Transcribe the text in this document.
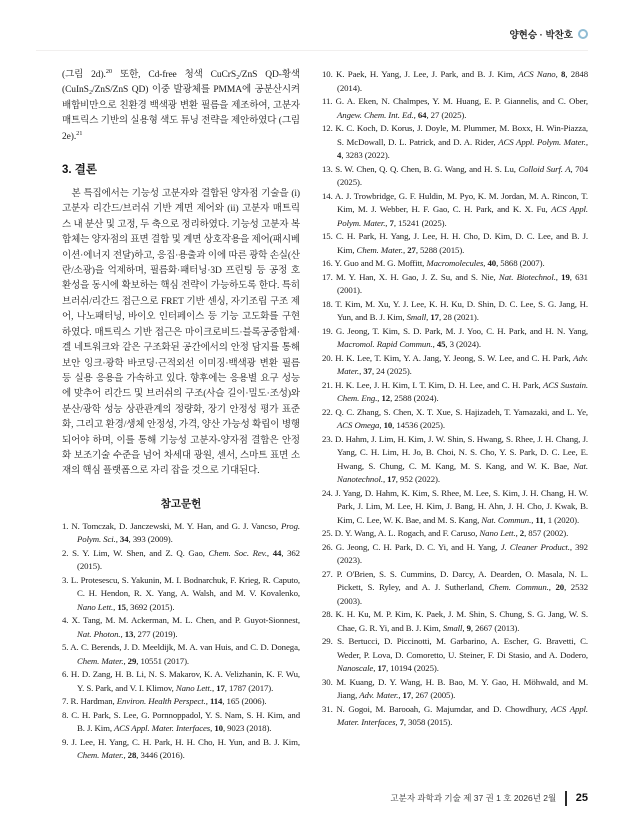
양현승 · 박찬호

(그림 2d).$^{20}$ 또한, Cd-free 청색 CuCrS₂/ZnS QD-황색 (CuInS₂/ZnS/ZnS QD) 이중 발광체를 PMMA에 공분산시켜 배합비만으로 친환경 백색광 변환 필름을 제조하여, 고분자 매트릭스 기반의 실용형 색도 튜닝 전략을 제안하였다 (그림 2e).$^{21}$

3. 결론

본 특집에서는 기능성 고분자와 결합된 양자점 기술을 (i) 고분자 리간드/브러쉬 기반 계면 제어와 (ii) 고분자 매트릭스 내 분산 및 고정, 두 축으로 정리하였다. 기능성 고분자 복합체는 양자점의 표면 결합 및 계면 상호작용을 제어(패시베이션·에너지 전달)하고, 응집·용출과 이에 따른 광학 손실(산란/소광)을 억제하며, 필름화·패터닝·3D 프린팅 등 공정 호환성을 동시에 확보하는 핵심 전략이 가능하도록 한다. 특히 브러쉬/리간드 접근으로 FRET 기반 센싱, 자기조립 구조 제어, 나노패터닝, 바이오 인터페이스 등 기능 고도화를 구현하였다. 매트릭스 기반 접근은 마이크로비드·블록공중합체·겔 네트워크와 같은 구조화된 공간에서의 안정 담지를 통해 보안 잉크·광학 바코딩·근적외선 이미징·백색광 변환 필름 등 실용 응용을 가속하고 있다. 향후에는 응용별 요구 성능에 맞추어 리간드 및 브러쉬의 구조(사슬 길이·밀도·조성)와 분산/광학 성능 상관관계의 정량화, 장기 안정성 평가 표준화, 그리고 환경/생체 안정성, 가격, 양산 가능성 확립이 병행되어야 하며, 이를 통해 기능성 고분자-양자점 결합은 안정화 보조기술 수준을 넘어 차세대 광원, 센서, 스마트 표면 소재의 핵심 플랫폼으로 자리 잡을 것으로 기대된다.

참고문헌
1. N. Tomczak, D. Janczewski, M. Y. Han, and G. J. Vancso, Prog. Polym. Sci., 34, 393 (2009).
2. S. Y. Lim, W. Shen, and Z. Q. Gao, Chem. Soc. Rev., 44, 362 (2015).
3. L. Protesescu, S. Yakunin, M. I. Bodnarchuk, F. Krieg, R. Caputo, C. H. Hendon, R. X. Yang, A. Walsh, and M. V. Kovalenko, Nano Lett., 15, 3692 (2015).
4. X. Tang, M. M. Ackerman, M. L. Chen, and P. Guyot-Sionnest, Nat. Photon., 13, 277 (2019).
5. A. C. Berends, J. D. Meeldijk, M. A. van Huis, and C. D. Donega, Chem. Mater., 29, 10551 (2017).
6. H. D. Zang, H. B. Li, N. S. Makarov, K. A. Velizhanin, K. F. Wu, Y. S. Park, and V. I. Klimov, Nano Lett., 17, 1787 (2017).
7. R. Hardman, Environ. Health Perspect., 114, 165 (2006).
8. C. H. Park, S. Lee, G. Pornnoppadol, Y. S. Nam, S. H. Kim, and B. J. Kim, ACS Appl. Mater. Interfaces, 10, 9023 (2018).
9. J. Lee, H. Yang, C. H. Park, H. H. Cho, H. Yun, and B. J. Kim, Chem. Mater., 28, 3446 (2016).
10. K. Paek, H. Yang, J. Lee, J. Park, and B. J. Kim, ACS Nano, 8, 2848 (2014).
11. G. A. Eken, N. Chalmpes, Y. M. Huang, E. P. Giannelis, and C. Ober, Angew. Chem. Int. Ed., 64, 27 (2025).
12. K. C. Koch, D. Korus, J. Doyle, M. Plummer, M. Boxx, H. Win-Piazza, S. McDowall, D. L. Patrick, and D. A. Rider, ACS Appl. Polym. Mater., 4, 3283 (2022).
13. S. W. Chen, Q. Q. Chen, B. G. Wang, and H. S. Lu, Colloid Surf. A, 704 (2025).
14. A. J. Trowbridge, G. F. Huldin, M. Pyo, K. M. Jordan, M. A. Rincon, T. Kim, M. J. Webber, H. F. Gao, C. H. Park, and K. X. Fu, ACS Appl. Polym. Mater., 7, 15241 (2025).
15. C. H. Park, H. Yang, J. Lee, H. H. Cho, D. Kim, D. C. Lee, and B. J. Kim, Chem. Mater., 27, 5288 (2015).
16. Y. Guo and M. G. Moffitt, Macromolecules, 40, 5868 (2007).
17. M. Y. Han, X. H. Gao, J. Z. Su, and S. Nie, Nat. Biotechnol., 19, 631 (2001).
18. T. Kim, M. Xu, Y. J. Lee, K. H. Ku, D. Shin, D. C. Lee, S. G. Jang, H. Yun, and B. J. Kim, Small, 17, 28 (2021).
19. G. Jeong, T. Kim, S. D. Park, M. J. Yoo, C. H. Park, and H. N. Yang, Macromol. Rapid Commun., 45, 3 (2024).
20. H. K. Lee, T. Kim, Y. A. Jang, Y. Jeong, S. W. Lee, and C. H. Park, Adv. Mater., 37, 24 (2025).
21. H. K. Lee, J. H. Kim, I. T. Kim, D. H. Lee, and C. H. Park, ACS Sustain. Chem. Eng., 12, 2588 (2024).
22. Q. C. Zhang, S. Chen, X. T. Xue, S. Hajizadeh, T. Yamazaki, and L. Ye, ACS Omega, 10, 14536 (2025).
23. D. Hahm, J. Lim, H. Kim, J. W. Shin, S. Hwang, S. Rhee, J. H. Chang, J. Yang, C. H. Lim, H. Jo, B. Choi, N. S. Cho, Y. S. Park, D. C. Lee, E. Hwang, S. Chung, C. M. Kang, M. S. Kang, and W. K. Bae, Nat. Nanotechnol., 17, 952 (2022).
24. J. Yang, D. Hahm, K. Kim, S. Rhee, M. Lee, S. Kim, J. H. Chang, H. W. Park, J. Lim, M. Lee, H. Kim, J. Bang, H. Ahn, J. H. Cho, J. Kwak, B. Kim, C. Lee, W. K. Bae, and M. S. Kang, Nat. Commun., 11, 1 (2020).
25. D. Y. Wang, A. L. Rogach, and F. Caruso, Nano Lett., 2, 857 (2002).
26. G. Jeong, C. H. Park, D. C. Yi, and H. Yang, J. Cleaner Product., 392 (2023).
27. P. O'Brien, S. S. Cummins, D. Darcy, A. Dearden, O. Masala, N. L. Pickett, S. Ryley, and A. J. Sutherland, Chem. Commun., 20, 2532 (2003).
28. K. H. Ku, M. P. Kim, K. Paek, J. M. Shin, S. Chung, S. G. Jang, W. S. Chae, G. R. Yi, and B. J. Kim, Small, 9, 2667 (2013).
29. S. Bertucci, D. Piccinotti, M. Garbarino, A. Escher, G. Bravetti, C. Weder, P. Lova, D. Comoretto, U. Steiner, F. Di Stasio, and A. Dodero, Nanoscale, 17, 10194 (2025).
30. M. Kuang, D. Y. Wang, H. B. Bao, M. Y. Gao, H. Möhwald, and M. Jiang, Adv. Mater., 17, 267 (2005).
31. N. Gogoi, M. Barooah, G. Majumdar, and D. Chowdhury, ACS Appl. Mater. Interfaces, 7, 3058 (2015).
고분자 과학과 기술 제 37 권 1 호 2026년 2월 25
